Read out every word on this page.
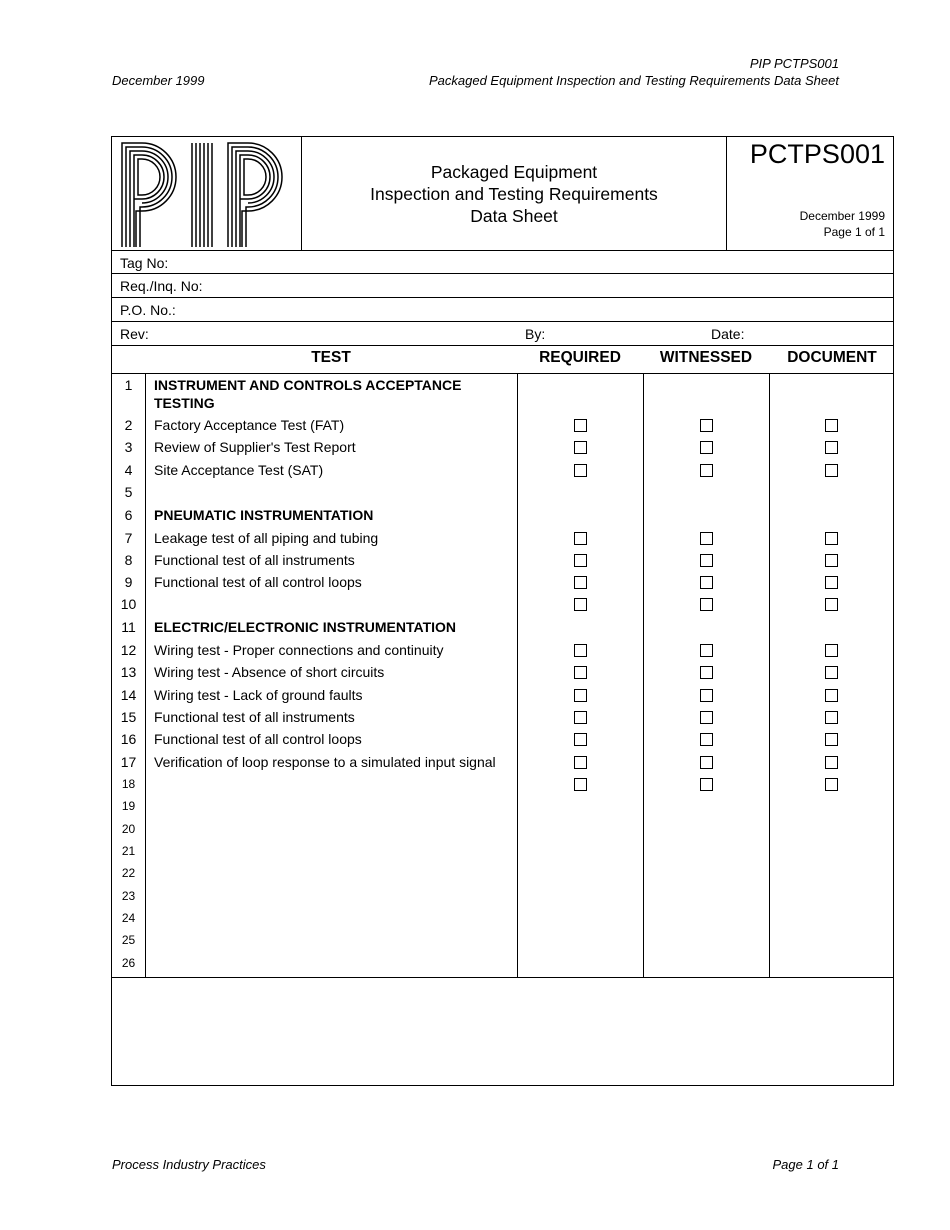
PIP PCTPS001
December 1999	Packaged Equipment Inspection and Testing Requirements Data Sheet
Packaged Equipment
Inspection and Testing Requirements
Data Sheet
PCTPS001
December 1999
Page 1 of 1
Tag No:
Req./Inq. No:
P.O. No.:
Rev:	By:	Date:
TEST	REQUIRED	WITNESSED	DOCUMENT
1	INSTRUMENT AND CONTROLS ACCEPTANCE
TESTING
2	Factory Acceptance Test (FAT)
3	Review of Supplier's Test Report
4	Site Acceptance Test (SAT)
5
6	PNEUMATIC INSTRUMENTATION
7	Leakage test of all piping and tubing
8	Functional test of all instruments
9	Functional test of all control loops
10
11	ELECTRIC/ELECTRONIC INSTRUMENTATION
12	Wiring test - Proper connections and continuity
13	Wiring test - Absence of short circuits
14	Wiring test - Lack of ground faults
15	Functional test of all instruments
16	Functional test of all control loops
17	Verification of loop response to a simulated input signal
18
19
20
21
22
23
24
25
26
Process Industry Practices	Page 1 of 1
